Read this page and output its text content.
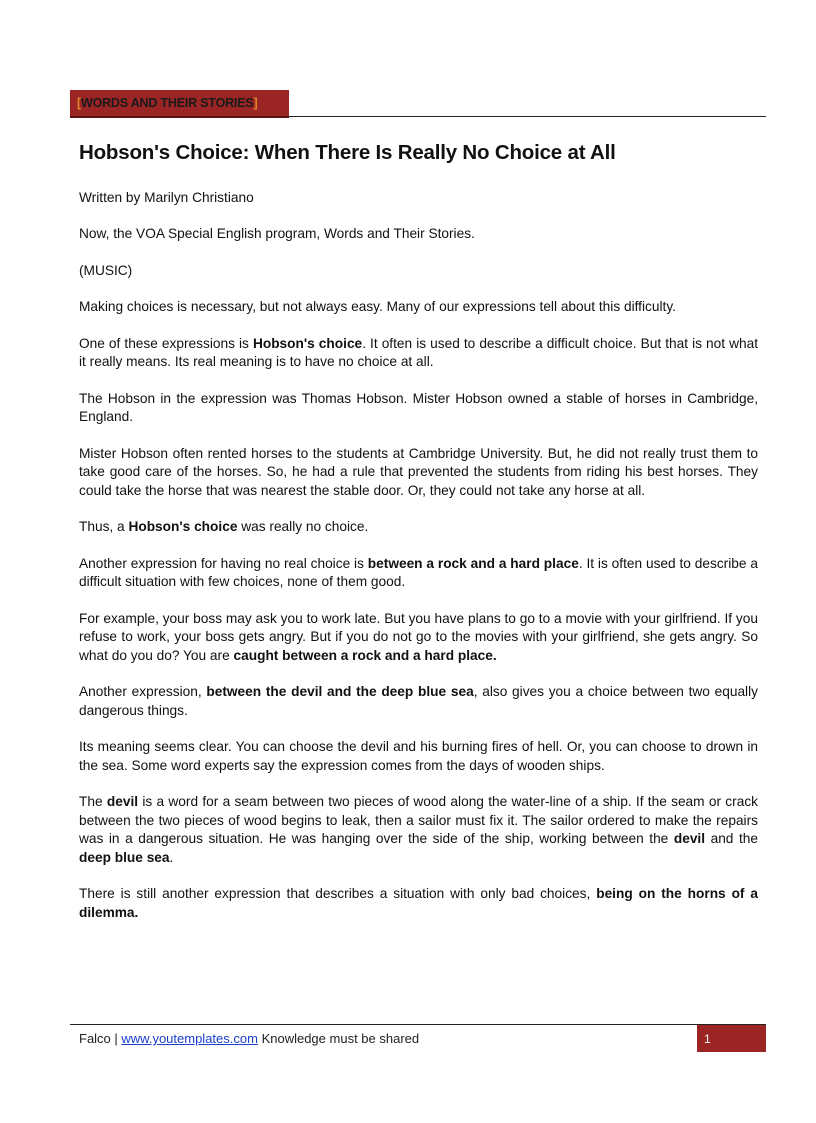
[WORDS AND THEIR STORIES]
Hobson's Choice: When There Is Really No Choice at All

Written by Marilyn Christiano

Now, the VOA Special English program, Words and Their Stories.

(MUSIC)

Making choices is necessary, but not always easy. Many of our expressions tell about this difficulty.

One of these expressions is Hobson's choice. It often is used to describe a difficult choice. But that is not what it really means. Its real meaning is to have no choice at all.

The Hobson in the expression was Thomas Hobson. Mister Hobson owned a stable of horses in Cambridge, England.

Mister Hobson often rented horses to the students at Cambridge University. But, he did not really trust them to take good care of the horses. So, he had a rule that prevented the students from riding his best horses. They could take the horse that was nearest the stable door. Or, they could not take any horse at all.

Thus, a Hobson's choice was really no choice.

Another expression for having no real choice is between a rock and a hard place. It is often used to describe a difficult situation with few choices, none of them good.

For example, your boss may ask you to work late. But you have plans to go to a movie with your girlfriend. If you refuse to work, your boss gets angry. But if you do not go to the movies with your girlfriend, she gets angry. So what do you do? You are caught between a rock and a hard place.

Another expression, between the devil and the deep blue sea, also gives you a choice between two equally dangerous things.

Its meaning seems clear. You can choose the devil and his burning fires of hell. Or, you can choose to drown in the sea. Some word experts say the expression comes from the days of wooden ships.

The devil is a word for a seam between two pieces of wood along the water-line of a ship. If the seam or crack between the two pieces of wood begins to leak, then a sailor must fix it. The sailor ordered to make the repairs was in a dangerous situation. He was hanging over the side of the ship, working between the devil and the deep blue sea.

There is still another expression that describes a situation with only bad choices, being on the horns of a dilemma.

Falco | www.youtemplates.com Knowledge must be shared	1
